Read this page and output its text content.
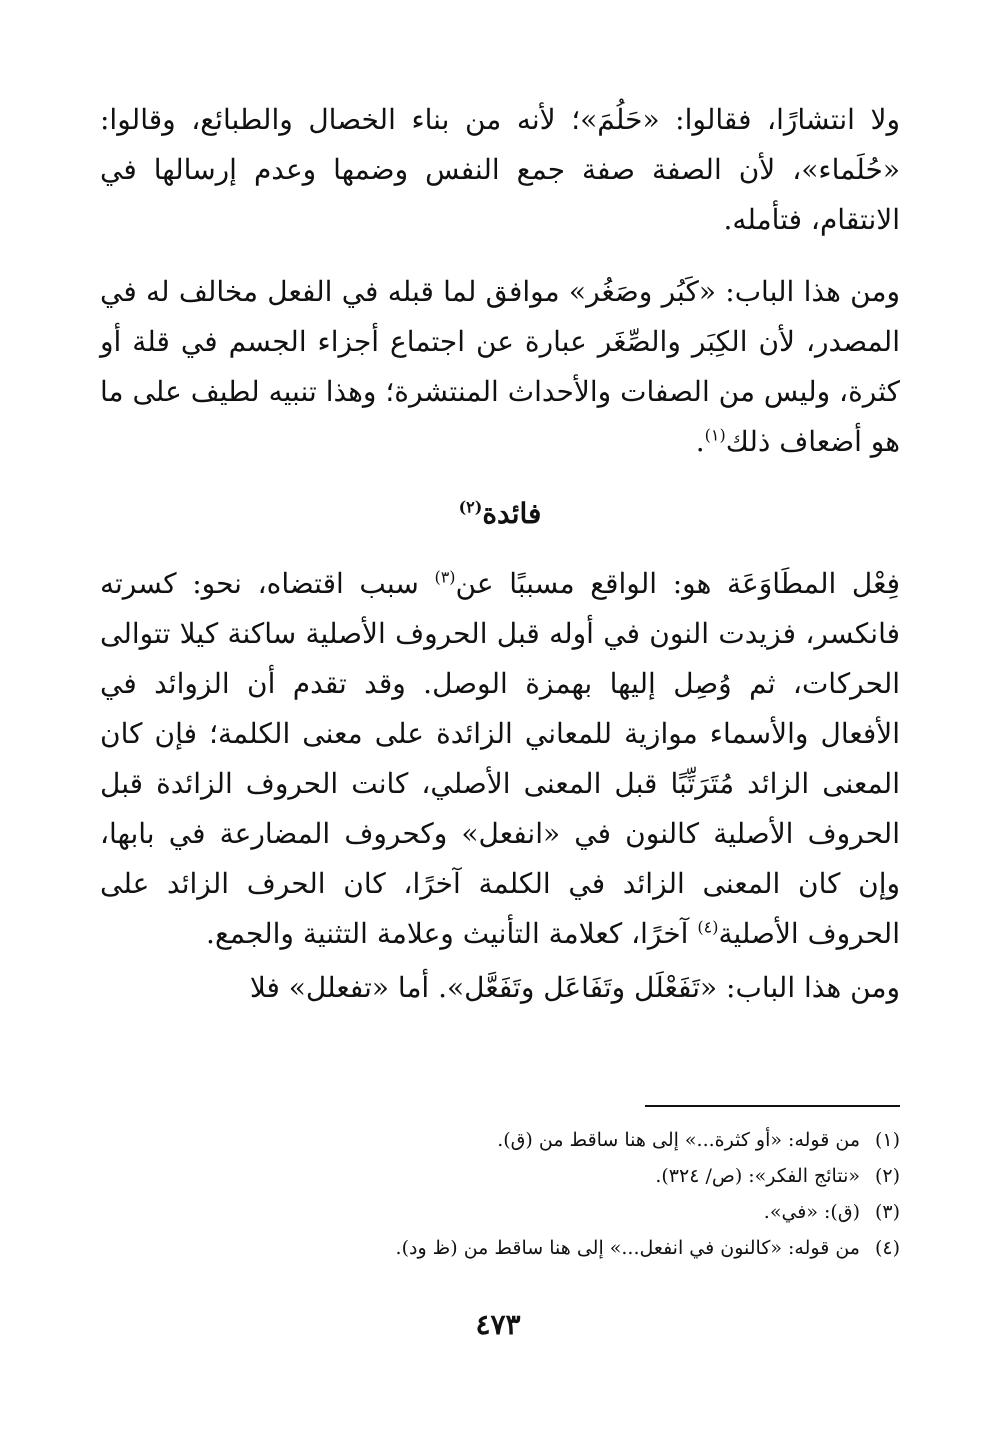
ولا انتشارًا، فقالوا: «حَلُمَ»؛ لأنه من بناء الخصال والطبائع، وقالوا: «حُلَماء»، لأن الصفة صفة جمع النفس وضمها وعدم إرسالها في الانتقام، فتأمله.

ومن هذا الباب: «كَبُر وصَغُر» موافق لما قبله في الفعل مخالف له في المصدر، لأن الكِبَر والصِّغَر عبارة عن اجتماع أجزاء الجسم في قلة أو كثرة، وليس من الصفات والأحداث المنتشرة؛ وهذا تنبيه لطيف على ما هو أضعاف ذلك$^{(١)}$.

فائدة$^{(٢)}$

فِعْل المطَاوَعَة هو: الواقع مسببًا عن$^{(٣)}$ سبب اقتضاه، نحو: كسرته فانكسر، فزيدت النون في أوله قبل الحروف الأصلية ساكنة كيلا تتوالى الحركات، ثم وُصِل إليها بهمزة الوصل. وقد تقدم أن الزوائد في الأفعال والأسماء موازية للمعاني الزائدة على معنى الكلمة؛ فإن كان المعنى الزائد مُتَرَتِّبًا قبل المعنى الأصلي، كانت الحروف الزائدة قبل الحروف الأصلية كالنون في «انفعل» وكحروف المضارعة في بابها، وإن كان المعنى الزائد في الكلمة آخرًا، كان الحرف الزائد على الحروف الأصلية$^{(٤)}$ آخرًا، كعلامة التأنيث وعلامة التثنية والجمع.

ومن هذا الباب: «تَفَعْلَل وتَفَاعَل وتَفَعَّل». أما «تفعلل» فلا

(١)من قوله: «أو كثرة...» إلى هنا ساقط من (ق).
(٢)«نتائج الفكر»: (ص/ ٣٢٤).
(٣)(ق): «في».
(٤)من قوله: «كالنون في انفعل...» إلى هنا ساقط من (ظ ود).
٤٧٣
